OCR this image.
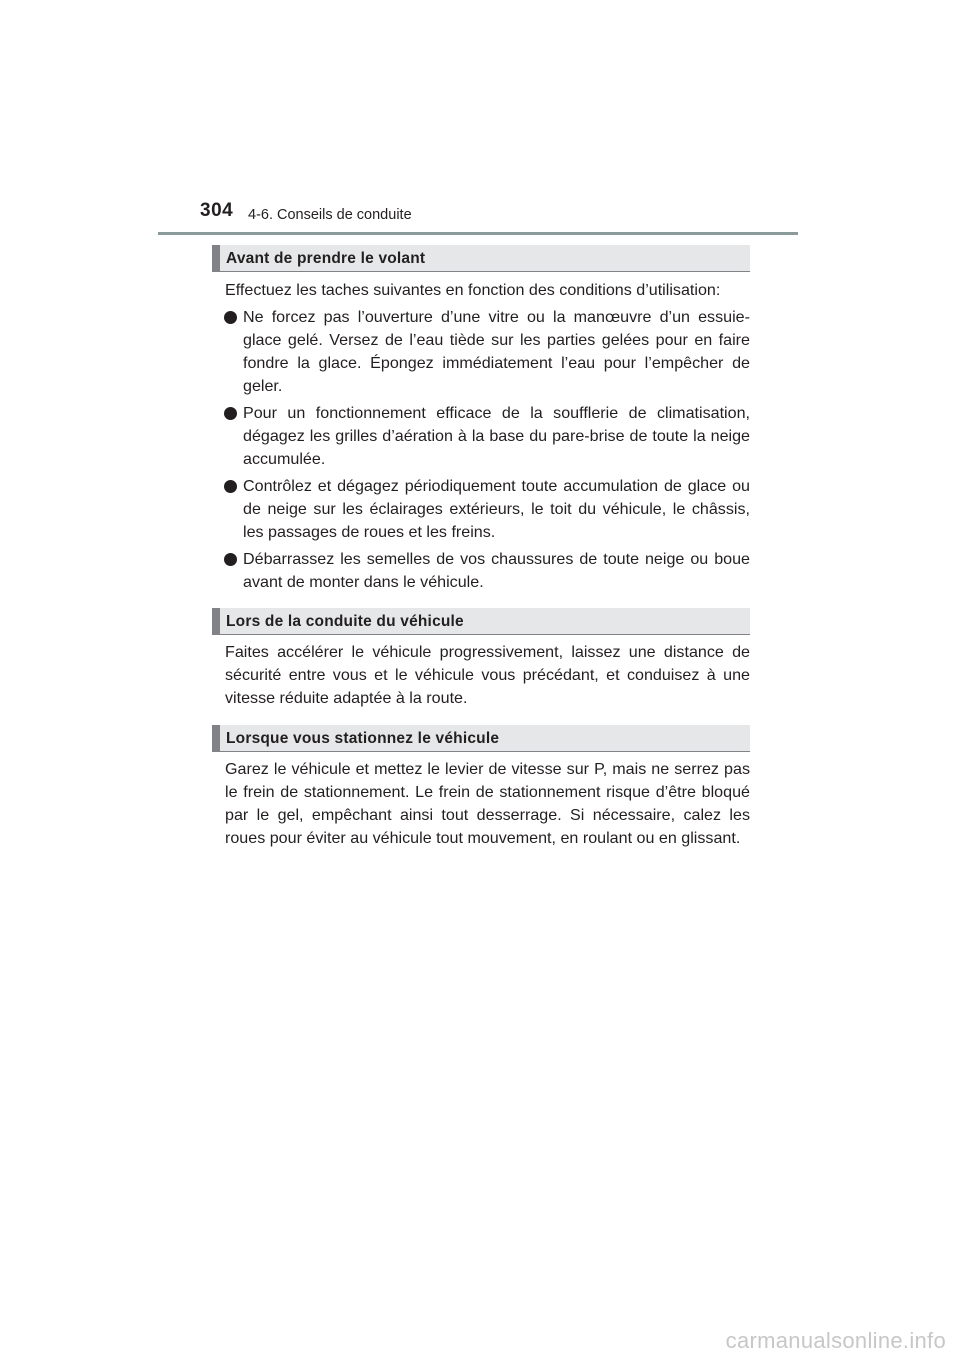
304 4-6. Conseils de conduite
Avant de prendre le volant

Effectuez les taches suivantes en fonction des conditions d’utilisation:

Ne forcez pas l’ouverture d’une vitre ou la manœuvre d’un essuie-glace gelé. Versez de l’eau tiède sur les parties gelées pour en faire fondre la glace. Épongez immédiatement l’eau pour l’empêcher de geler.
Pour un fonctionnement efficace de la soufflerie de climatisation, dégagez les grilles d’aération à la base du pare-brise de toute la neige accumulée.
Contrôlez et dégagez périodiquement toute accumulation de glace ou de neige sur les éclairages extérieurs, le toit du véhicule, le châssis, les passages de roues et les freins.
Débarrassez les semelles de vos chaussures de toute neige ou boue avant de monter dans le véhicule.
Lors de la conduite du véhicule

Faites accélérer le véhicule progressivement, laissez une distance de sécurité entre vous et le véhicule vous précédant, et conduisez à une vitesse réduite adaptée à la route.

Lorsque vous stationnez le véhicule

Garez le véhicule et mettez le levier de vitesse sur P, mais ne serrez pas le frein de stationnement. Le frein de stationnement risque d’être bloqué par le gel, empêchant ainsi tout desserrage. Si nécessaire, calez les roues pour éviter au véhicule tout mouvement, en roulant ou en glissant.

carmanualsonline.info
